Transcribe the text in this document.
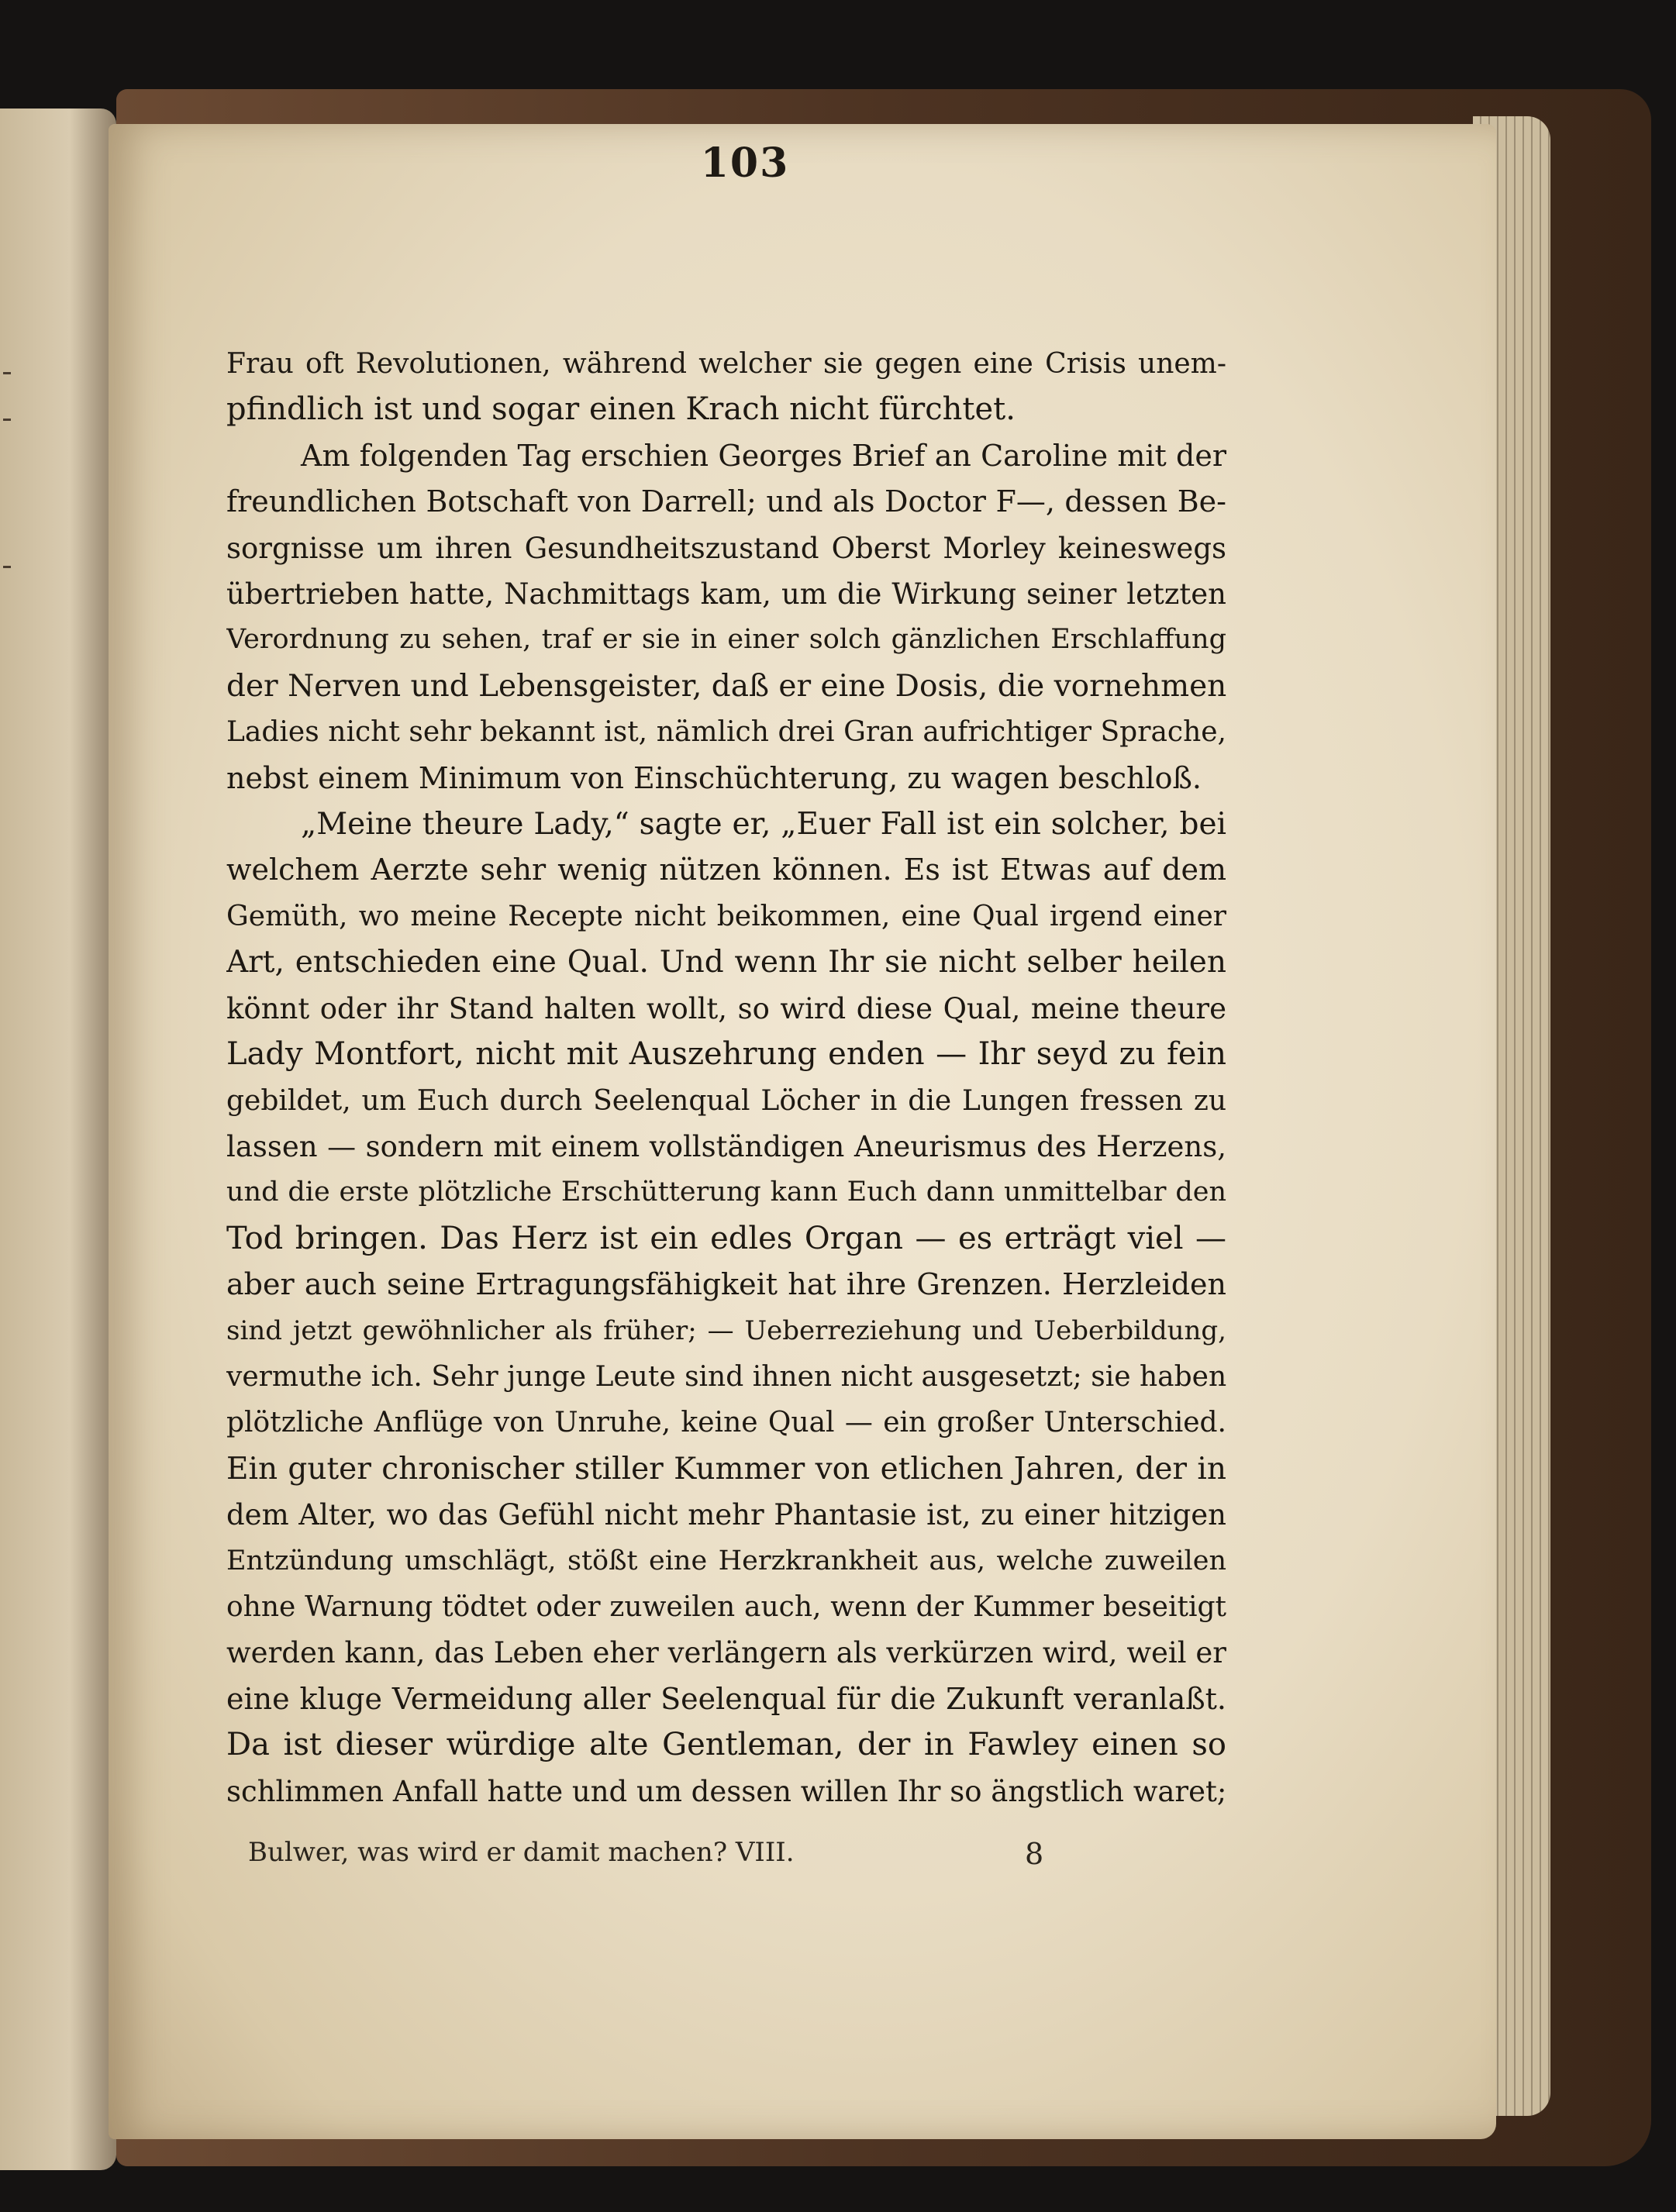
103

Frau oft Revolutionen, während welcher sie gegen eine Crisis unem-

pfindlich ist und sogar einen Krach nicht fürchtet.

Am folgenden Tag erschien Georges Brief an Caroline mit der

freundlichen Botschaft von Darrell; und als Doctor F—, dessen Be-

sorgnisse um ihren Gesundheitszustand Oberst Morley keineswegs

übertrieben hatte, Nachmittags kam, um die Wirkung seiner letzten

Verordnung zu sehen, traf er sie in einer solch gänzlichen Erschlaffung

der Nerven und Lebensgeister, daß er eine Dosis, die vornehmen

Ladies nicht sehr bekannt ist, nämlich drei Gran aufrichtiger Sprache,

nebst einem Minimum von Einschüchterung, zu wagen beschloß.

„Meine theure Lady,“ sagte er, „Euer Fall ist ein solcher, bei

welchem Aerzte sehr wenig nützen können. Es ist Etwas auf dem

Gemüth, wo meine Recepte nicht beikommen, eine Qual irgend einer

Art, entschieden eine Qual. Und wenn Ihr sie nicht selber heilen

könnt oder ihr Stand halten wollt, so wird diese Qual, meine theure

Lady Montfort, nicht mit Auszehrung enden — Ihr seyd zu fein

gebildet, um Euch durch Seelenqual Löcher in die Lungen fressen zu

lassen — sondern mit einem vollständigen Aneurismus des Herzens,

und die erste plötzliche Erschütterung kann Euch dann unmittelbar den

Tod bringen. Das Herz ist ein edles Organ — es erträgt viel —

aber auch seine Ertragungsfähigkeit hat ihre Grenzen. Herzleiden

sind jetzt gewöhnlicher als früher; — Ueberreziehung und Ueberbildung,

vermuthe ich. Sehr junge Leute sind ihnen nicht ausgesetzt; sie haben

plötzliche Anflüge von Unruhe, keine Qual — ein großer Unterschied.

Ein guter chronischer stiller Kummer von etlichen Jahren, der in

dem Alter, wo das Gefühl nicht mehr Phantasie ist, zu einer hitzigen

Entzündung umschlägt, stößt eine Herzkrankheit aus, welche zuweilen

ohne Warnung tödtet oder zuweilen auch, wenn der Kummer beseitigt

werden kann, das Leben eher verlängern als verkürzen wird, weil er

eine kluge Vermeidung aller Seelenqual für die Zukunft veranlaßt.

Da ist dieser würdige alte Gentleman, der in Fawley einen so

schlimmen Anfall hatte und um dessen willen Ihr so ängstlich waret;

Bulwer, was wird er damit machen? VIII.	8
